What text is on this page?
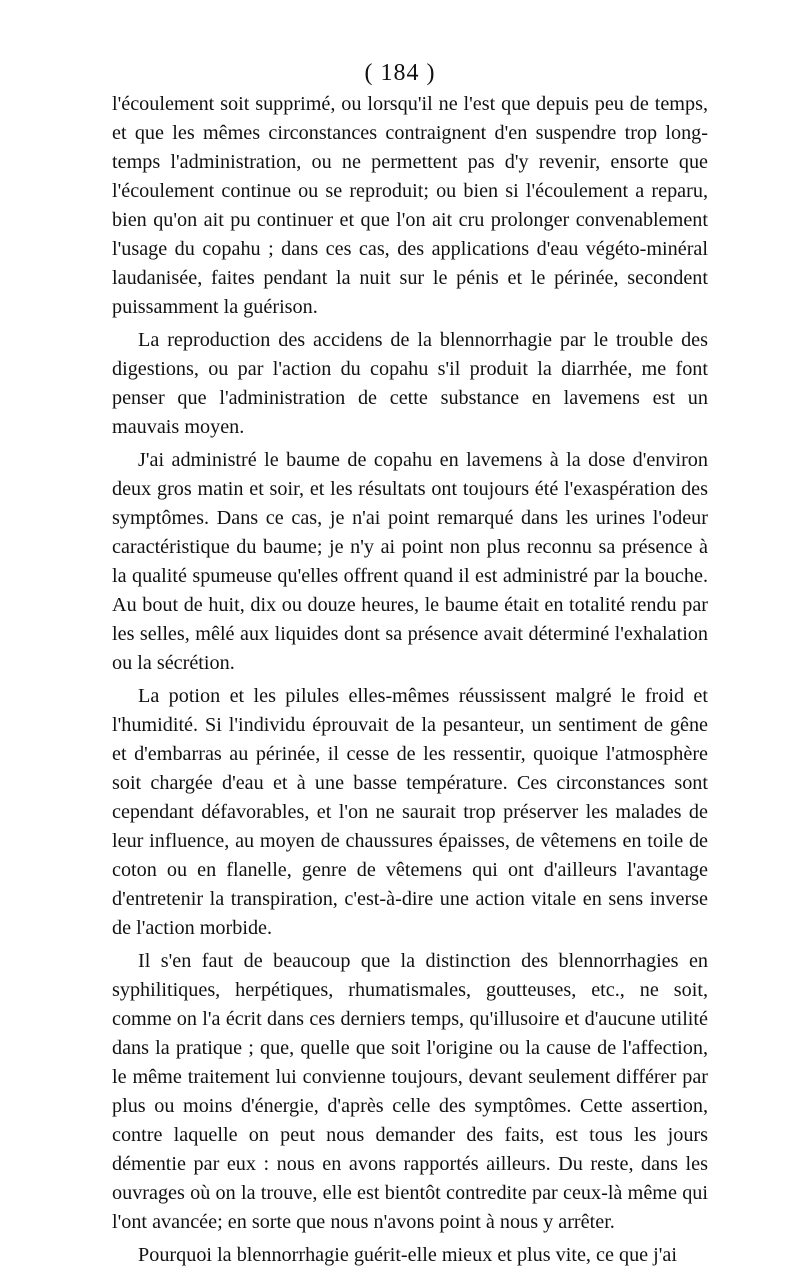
( 184 )

l'écoulement soit supprimé, ou lorsqu'il ne l'est que depuis peu de temps, et que les mêmes circonstances contraignent d'en suspendre trop long-temps l'administration, ou ne permettent pas d'y revenir, ensorte que l'écoulement continue ou se reproduit; ou bien si l'écoulement a reparu, bien qu'on ait pu continuer et que l'on ait cru prolonger convenablement l'usage du copahu ; dans ces cas, des applications d'eau végéto-minéral laudanisée, faites pendant la nuit sur le pénis et le périnée, secondent puissamment la guérison.

La reproduction des accidens de la blennorrhagie par le trouble des digestions, ou par l'action du copahu s'il produit la diarrhée, me font penser que l'administration de cette substance en lavemens est un mauvais moyen.

J'ai administré le baume de copahu en lavemens à la dose d'environ deux gros matin et soir, et les résultats ont toujours été l'exaspération des symptômes. Dans ce cas, je n'ai point remarqué dans les urines l'odeur caractéristique du baume; je n'y ai point non plus reconnu sa présence à la qualité spumeuse qu'elles offrent quand il est administré par la bouche. Au bout de huit, dix ou douze heures, le baume était en totalité rendu par les selles, mêlé aux liquides dont sa présence avait déterminé l'exhalation ou la sécrétion.

La potion et les pilules elles-mêmes réussissent malgré le froid et l'humidité. Si l'individu éprouvait de la pesanteur, un sentiment de gêne et d'embarras au périnée, il cesse de les ressentir, quoique l'atmosphère soit chargée d'eau et à une basse température. Ces circonstances sont cependant défavorables, et l'on ne saurait trop préserver les malades de leur influence, au moyen de chaussures épaisses, de vêtemens en toile de coton ou en flanelle, genre de vêtemens qui ont d'ailleurs l'avantage d'entretenir la transpiration, c'est-à-dire une action vitale en sens inverse de l'action morbide.

Il s'en faut de beaucoup que la distinction des blennorrhagies en syphilitiques, herpétiques, rhumatismales, goutteuses, etc., ne soit, comme on l'a écrit dans ces derniers temps, qu'illusoire et d'aucune utilité dans la pratique ; que, quelle que soit l'origine ou la cause de l'affection, le même traitement lui convienne toujours, devant seulement différer par plus ou moins d'énergie, d'après celle des symptômes. Cette assertion, contre laquelle on peut nous demander des faits, est tous les jours démentie par eux : nous en avons rapportés ailleurs. Du reste, dans les ouvrages où on la trouve, elle est bientôt contredite par ceux-là même qui l'ont avancée; en sorte que nous n'avons point à nous y arrêter.

Pourquoi la blennorrhagie guérit-elle mieux et plus vite, ce que j'ai
